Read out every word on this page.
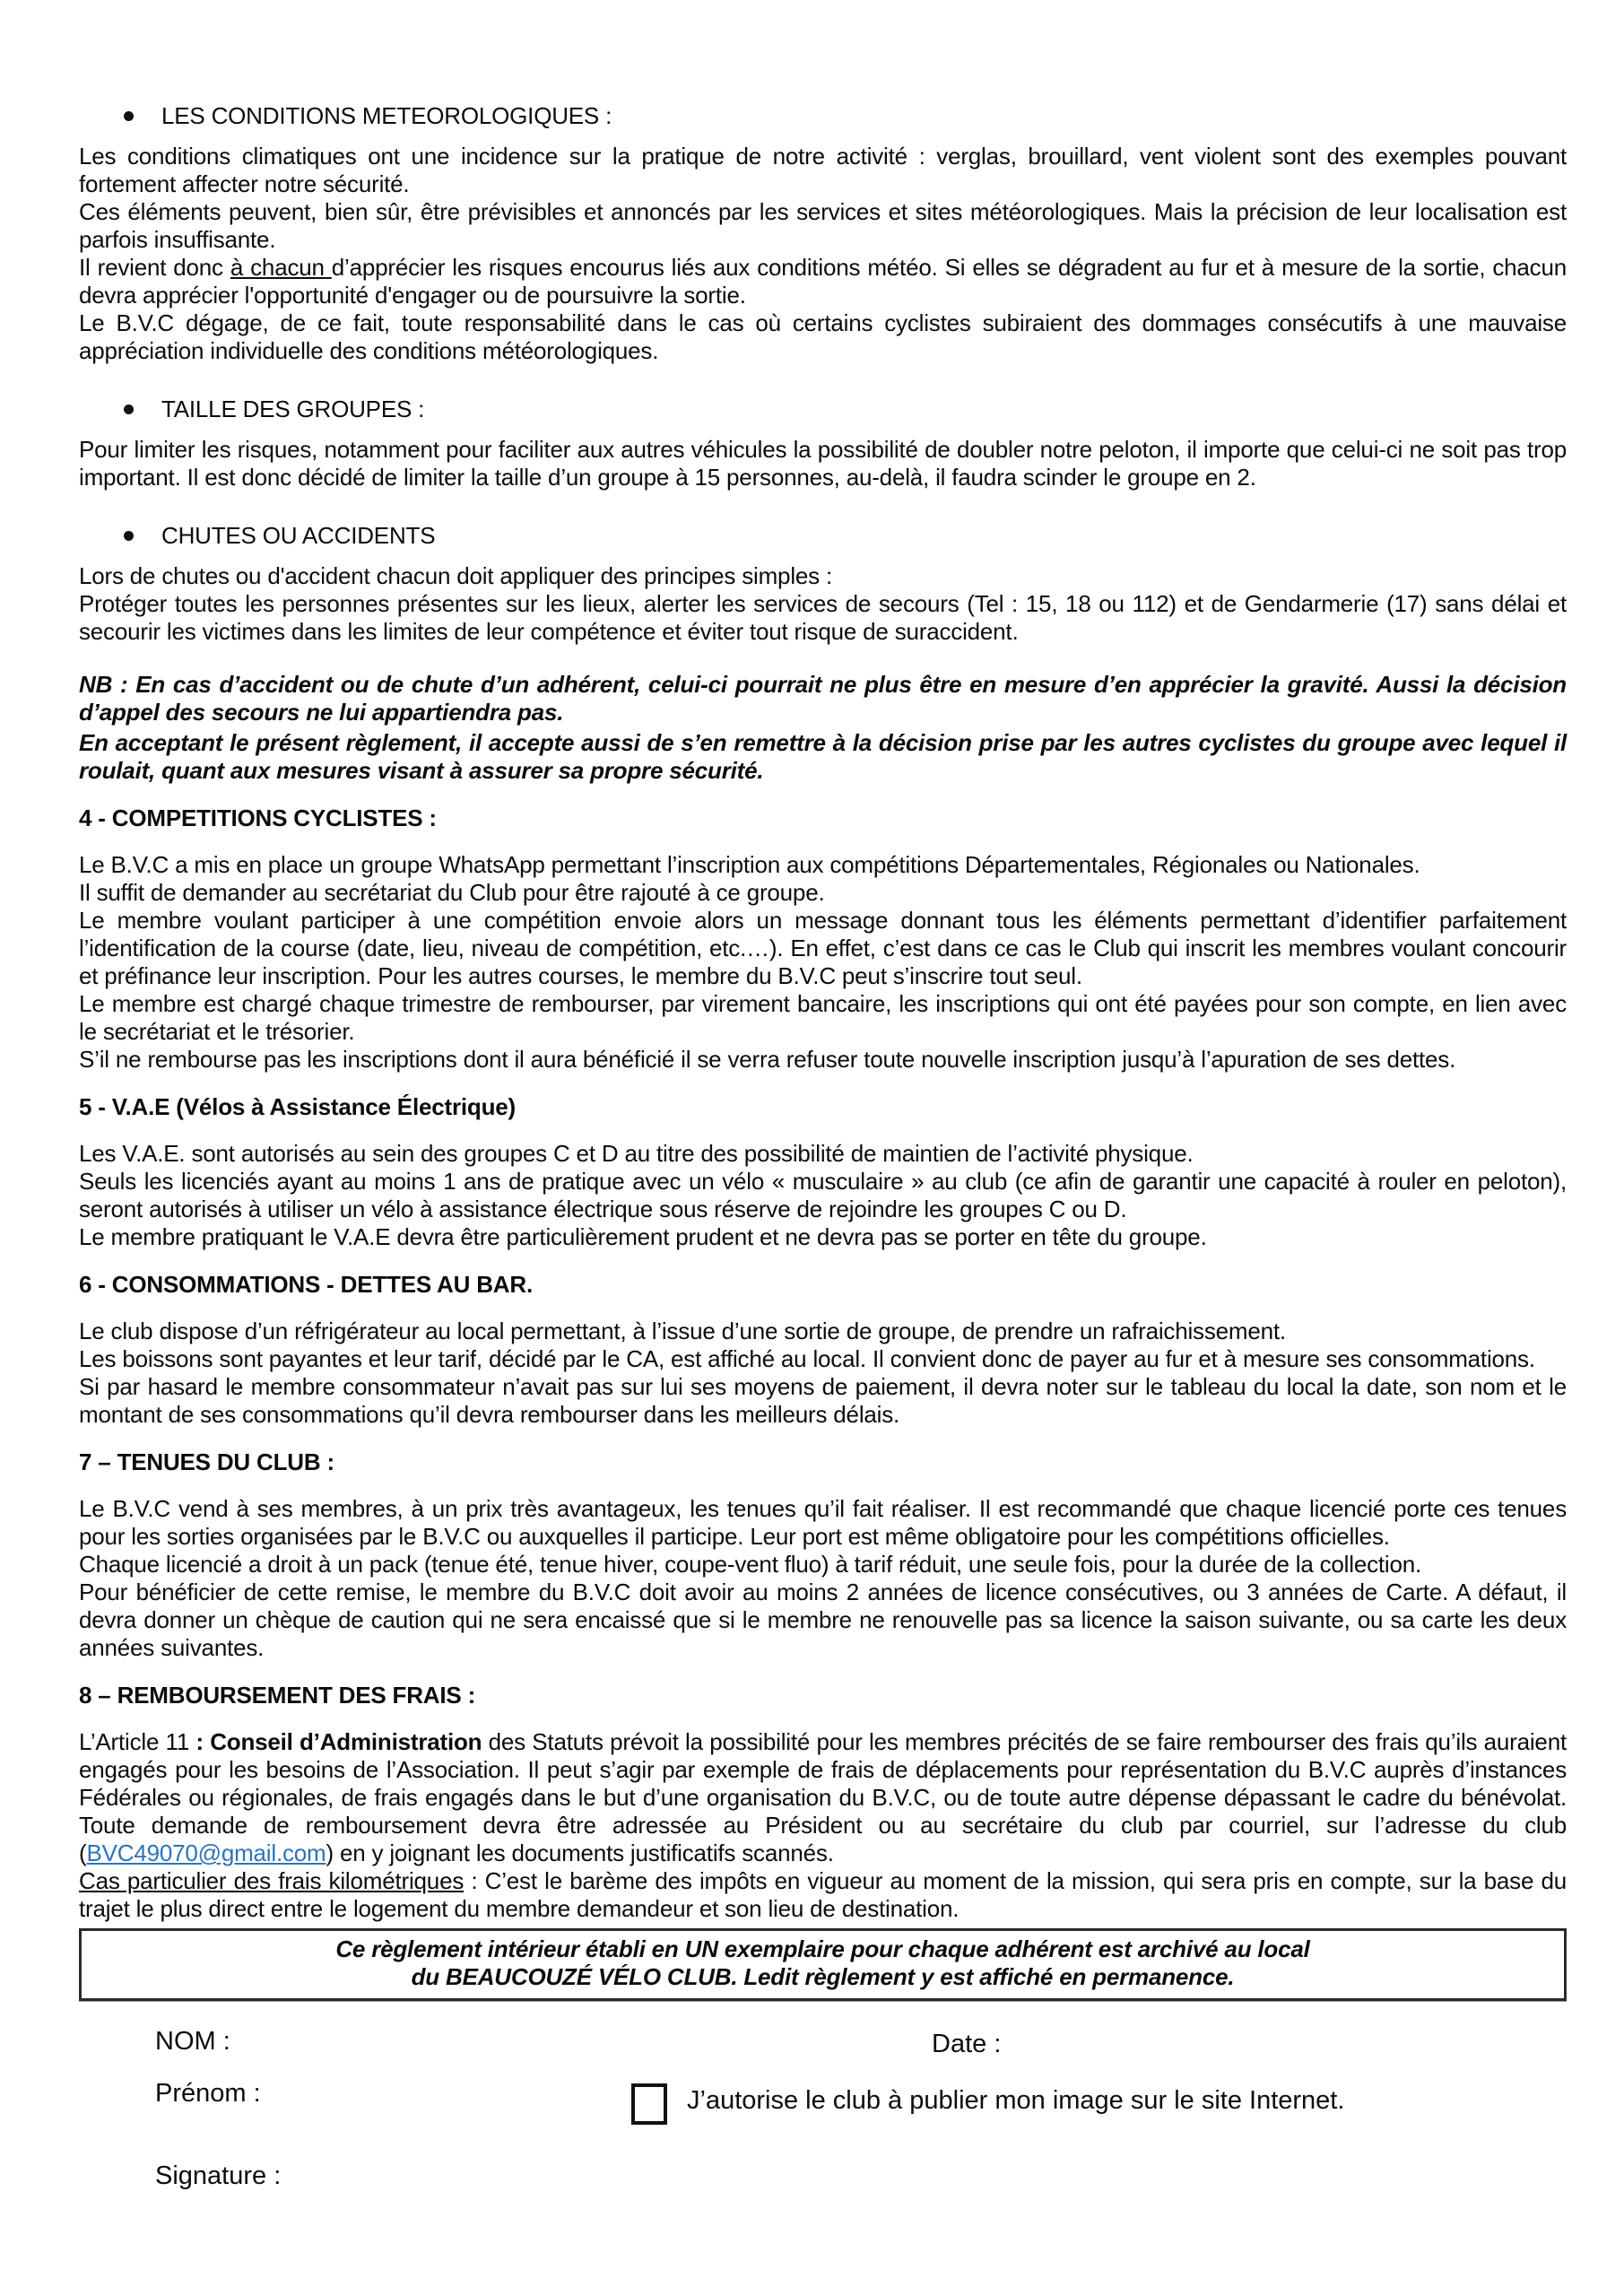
LES CONDITIONS METEOROLOGIQUES :
Les conditions climatiques ont une incidence sur la pratique de notre activité : verglas, brouillard, vent violent sont des exemples pouvant fortement affecter notre sécurité.
Ces éléments peuvent, bien sûr, être prévisibles et annoncés par les services et sites météorologiques. Mais la précision de leur localisation est parfois insuffisante.
Il revient donc à chacun d’apprécier les risques encourus liés aux conditions météo. Si elles se dégradent au fur et à mesure de la sortie, chacun devra apprécier l'opportunité d'engager ou de poursuivre la sortie.
Le B.V.C dégage, de ce fait, toute responsabilité dans le cas où certains cyclistes subiraient des dommages consécutifs à une mauvaise appréciation individuelle des conditions météorologiques.
TAILLE DES GROUPES :
Pour limiter les risques, notamment pour faciliter aux autres véhicules la possibilité de doubler notre peloton, il importe que celui-ci ne soit pas trop important. Il est donc décidé de limiter la taille d’un groupe à 15 personnes, au-delà, il faudra scinder le groupe en 2.
CHUTES OU ACCIDENTS
Lors de chutes ou d'accident chacun doit appliquer des principes simples :
Protéger toutes les personnes présentes sur les lieux, alerter les services de secours (Tel : 15, 18 ou 112) et de Gendarmerie (17) sans délai et secourir les victimes dans les limites de leur compétence et éviter tout risque de suraccident.
NB : En cas d’accident ou de chute d’un adhérent, celui-ci pourrait ne plus être en mesure d’en apprécier la gravité. Aussi la décision d’appel des secours ne lui appartiendra pas.
En acceptant le présent règlement, il accepte aussi de s’en remettre à la décision prise par les autres cyclistes du groupe avec lequel il roulait, quant aux mesures visant à assurer sa propre sécurité.
4 - COMPETITIONS CYCLISTES :
Le B.V.C a mis en place un groupe WhatsApp permettant l’inscription aux compétitions Départementales, Régionales ou Nationales.
Il suffit de demander au secrétariat du Club pour être rajouté à ce groupe.
Le membre voulant participer à une compétition envoie alors un message donnant tous les éléments permettant d’identifier parfaitement l’identification de la course (date, lieu, niveau de compétition, etc.…). En effet, c’est dans ce cas le Club qui inscrit les membres voulant concourir et préfinance leur inscription. Pour les autres courses, le membre du B.V.C peut s’inscrire tout seul.
Le membre est chargé chaque trimestre de rembourser, par virement bancaire, les inscriptions qui ont été payées pour son compte, en lien avec le secrétariat et le trésorier.
S’il ne rembourse pas les inscriptions dont il aura bénéficié il se verra refuser toute nouvelle inscription jusqu’à l’apuration de ses dettes.
5 - V.A.E (Vélos à Assistance Électrique)
Les V.A.E. sont autorisés au sein des groupes C et D au titre des possibilité de maintien de l’activité physique.
Seuls les licenciés ayant au moins 1 ans de pratique avec un vélo « musculaire » au club (ce afin de garantir une capacité à rouler en peloton), seront autorisés à utiliser un vélo à assistance électrique sous réserve de rejoindre les groupes C ou D.
Le membre pratiquant le V.A.E devra être particulièrement prudent et ne devra pas se porter en tête du groupe.
6 - CONSOMMATIONS - DETTES AU BAR.
Le club dispose d’un réfrigérateur au local permettant, à l’issue d’une sortie de groupe, de prendre un rafraichissement.
Les boissons sont payantes et leur tarif, décidé par le CA, est affiché au local. Il convient donc de payer au fur et à mesure ses consommations.
Si par hasard le membre consommateur n’avait pas sur lui ses moyens de paiement, il devra noter sur le tableau du local la date, son nom et le montant de ses consommations qu’il devra rembourser dans les meilleurs délais.
7 – TENUES DU CLUB :
Le B.V.C vend à ses membres, à un prix très avantageux, les tenues qu’il fait réaliser. Il est recommandé que chaque licencié porte ces tenues pour les sorties organisées par le B.V.C ou auxquelles il participe. Leur port est même obligatoire pour les compétitions officielles.
Chaque licencié a droit à un pack (tenue été, tenue hiver, coupe-vent fluo) à tarif réduit, une seule fois, pour la durée de la collection.
Pour bénéficier de cette remise, le membre du B.V.C doit avoir au moins 2 années de licence consécutives, ou 3 années de Carte. A défaut, il devra donner un chèque de caution qui ne sera encaissé que si le membre ne renouvelle pas sa licence la saison suivante, ou sa carte les deux années suivantes.
8 – REMBOURSEMENT DES FRAIS :
L’Article 11 : Conseil d’Administration des Statuts prévoit la possibilité pour les membres précités de se faire rembourser des frais qu’ils auraient engagés pour les besoins de l’Association. Il peut s’agir par exemple de frais de déplacements pour représentation du B.V.C auprès d’instances Fédérales ou régionales, de frais engagés dans le but d’une organisation du B.V.C, ou de toute autre dépense dépassant le cadre du bénévolat. Toute demande de remboursement devra être adressée au Président ou au secrétaire du club par courriel, sur l’adresse du club (BVC49070@gmail.com) en y joignant les documents justificatifs scannés.
Cas particulier des frais kilométriques : C’est le barème des impôts en vigueur au moment de la mission, qui sera pris en compte, sur la base du trajet le plus direct entre le logement du membre demandeur et son lieu de destination.
Ce règlement intérieur établi en UN exemplaire pour chaque adhérent est archivé au local
du BEAUCOUZÉ VÉLO CLUB. Ledit règlement y est affiché en permanence.
NOM :	Date :
Prénom :	J’autorise le club à publier mon image sur le site Internet.
Signature :
